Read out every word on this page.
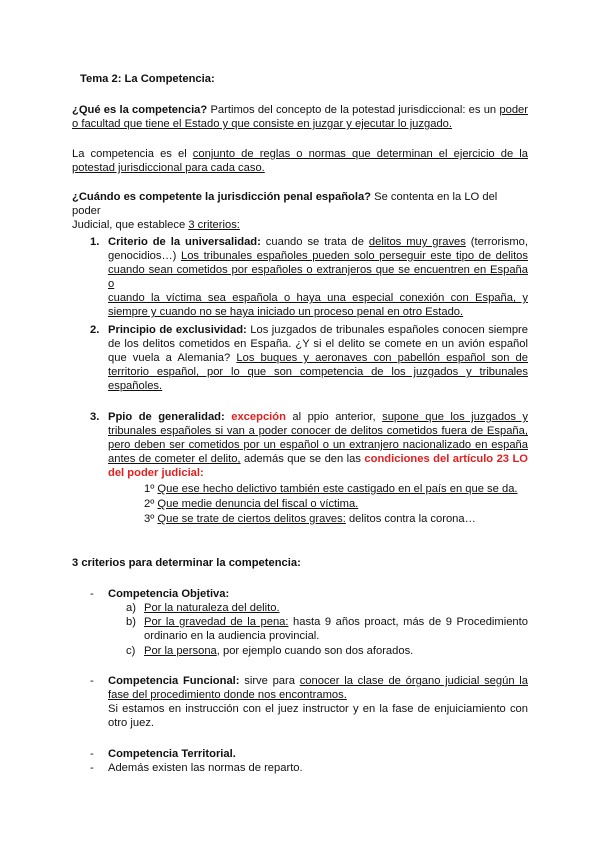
Tema 2: La Competencia:
¿Qué es la competencia? Partimos del concepto de la potestad jurisdiccional: es un poder
o facultad que tiene el Estado y que consiste en juzgar y ejecutar lo juzgado.
La competencia es el conjunto de reglas o normas que determinan el ejercicio de la
potestad jurisdiccional para cada caso.
¿Cuándo es competente la jurisdicción penal española? Se contenta en la LO del poder
Judicial, que establece 3 criterios:
1. Criterio de la universalidad: cuando se trata de delitos muy graves (terrorismo,
genocidios…) Los tribunales españoles pueden solo perseguir este tipo de delitos
cuando sean cometidos por españoles o extranjeros que se encuentren en España o
cuando la víctima sea española o haya una especial conexión con España, y
siempre y cuando no se haya iniciado un proceso penal en otro Estado.
2. Principio de exclusividad: Los juzgados de tribunales españoles conocen siempre
de los delitos cometidos en España. ¿Y si el delito se comete en un avión español
que vuela a Alemania? Los buques y aeronaves con pabellón español son de
territorio español, por lo que son competencia de los juzgados y tribunales
españoles.
3. Ppio de generalidad: excepción al ppio anterior, supone que los juzgados y
tribunales españoles si van a poder conocer de delitos cometidos fuera de España,
pero deben ser cometidos por un español o un extranjero nacionalizado en españa
antes de cometer el delito, además que se den las condiciones del artículo 23 LO
del poder judicial:
1º Que ese hecho delictivo también este castigado en el país en que se da.
2º Que medie denuncia del fiscal o víctima.
3º Que se trate de ciertos delitos graves: delitos contra la corona…
3 criterios para determinar la competencia:
- Competencia Objetiva:
a) Por la naturaleza del delito.
b) Por la gravedad de la pena: hasta 9 años proact, más de 9 Procedimiento
ordinario en la audiencia provincial.
c) Por la persona, por ejemplo cuando son dos aforados.
- Competencia Funcional: sirve para conocer la clase de órgano judicial según la
fase del procedimiento donde nos encontramos.
Si estamos en instrucción con el juez instructor y en la fase de enjuiciamiento con
otro juez.
- Competencia Territorial.
- Además existen las normas de reparto.
